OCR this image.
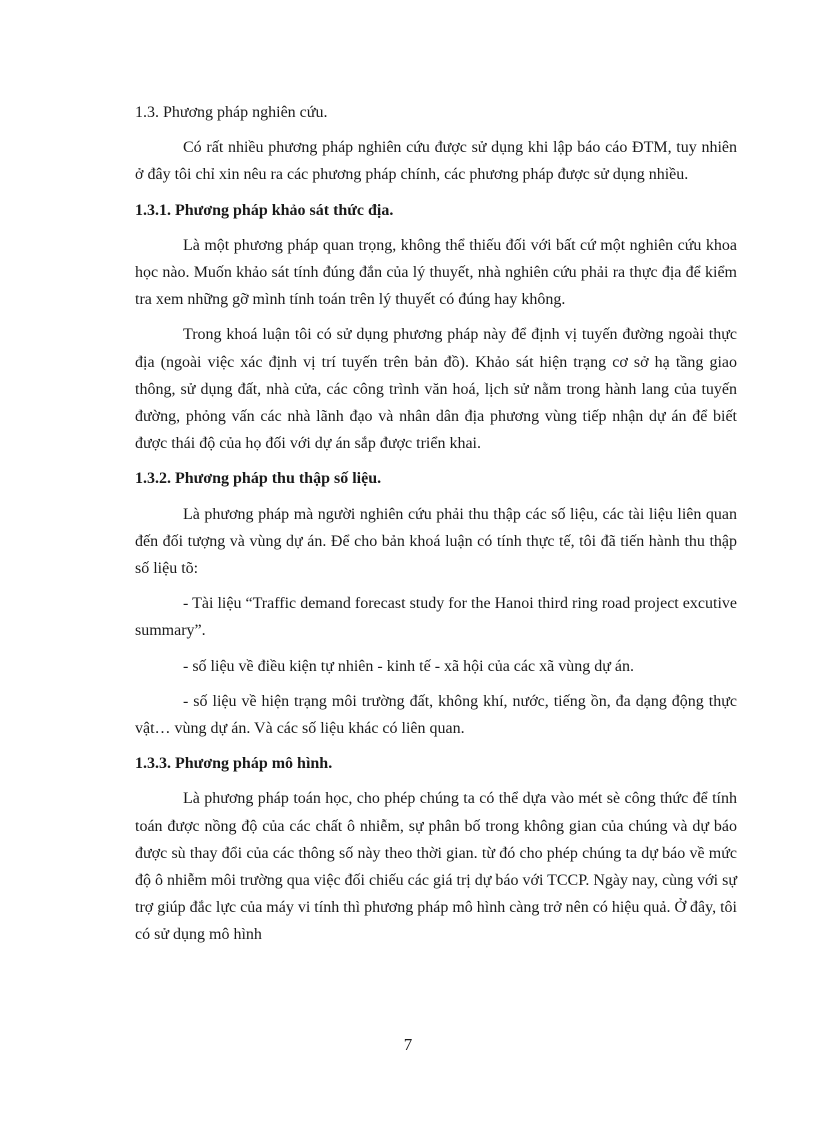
1.3. Phương pháp nghiên cứu.

Có rất nhiều phương pháp nghiên cứu được sử dụng khi lập báo cáo ĐTM, tuy nhiên ở đây tôi chỉ xin nêu ra các phương pháp chính, các phương pháp được sử dụng nhiều.

1.3.1. Phương pháp khảo sát thức địa.

Là một phương pháp quan trọng, không thể thiếu đối với bất cứ một nghiên cứu khoa học nào. Muốn khảo sát tính đúng đắn của lý thuyết, nhà nghiên cứu phải ra thực địa để kiểm tra xem những gỡ mình tính toán trên lý thuyết có đúng hay không.

Trong khoá luận tôi có sử dụng phương pháp này để định vị tuyến đường ngoài thực địa (ngoài việc xác định vị trí tuyến trên bản đồ). Khảo sát hiện trạng cơ sở hạ tầng giao thông, sử dụng đất, nhà cửa, các công trình văn hoá, lịch sử nằm trong hành lang của tuyến đường, phỏng vấn các nhà lãnh đạo và nhân dân địa phương vùng tiếp nhận dự án để biết được thái độ của họ đối với dự án sắp được triển khai.

1.3.2. Phương pháp thu thập số liệu.

Là phương pháp mà người nghiên cứu phải thu thập các số liệu, các tài liệu liên quan đến đối tượng và vùng dự án. Để cho bản khoá luận có tính thực tế, tôi đã tiến hành thu thập số liệu tõ:

- Tài liệu “Traffic demand forecast study for the Hanoi third ring road project excutive summary”.

- số liệu về điều kiện tự nhiên - kinh tế - xã hội của các xã vùng dự án.

- số liệu về hiện trạng môi trường đất, không khí, nước, tiếng ồn, đa dạng động thực vật… vùng dự án. Và các số liệu khác có liên quan.

1.3.3. Phương pháp mô hình.

Là phương pháp toán học, cho phép chúng ta có thể dựa vào mét sè công thức để tính toán được nồng độ của các chất ô nhiễm, sự phân bố trong không gian của chúng và dự báo được sù thay đổi của các thông số này theo thời gian. từ đó cho phép chúng ta dự báo về mức độ ô nhiễm môi trường qua việc đối chiếu các giá trị dự báo với TCCP. Ngày nay, cùng với sự trợ giúp đắc lực của máy vi tính thì phương pháp mô hình càng trở nên có hiệu quả. Ở đây, tôi có sử dụng mô hình

7
